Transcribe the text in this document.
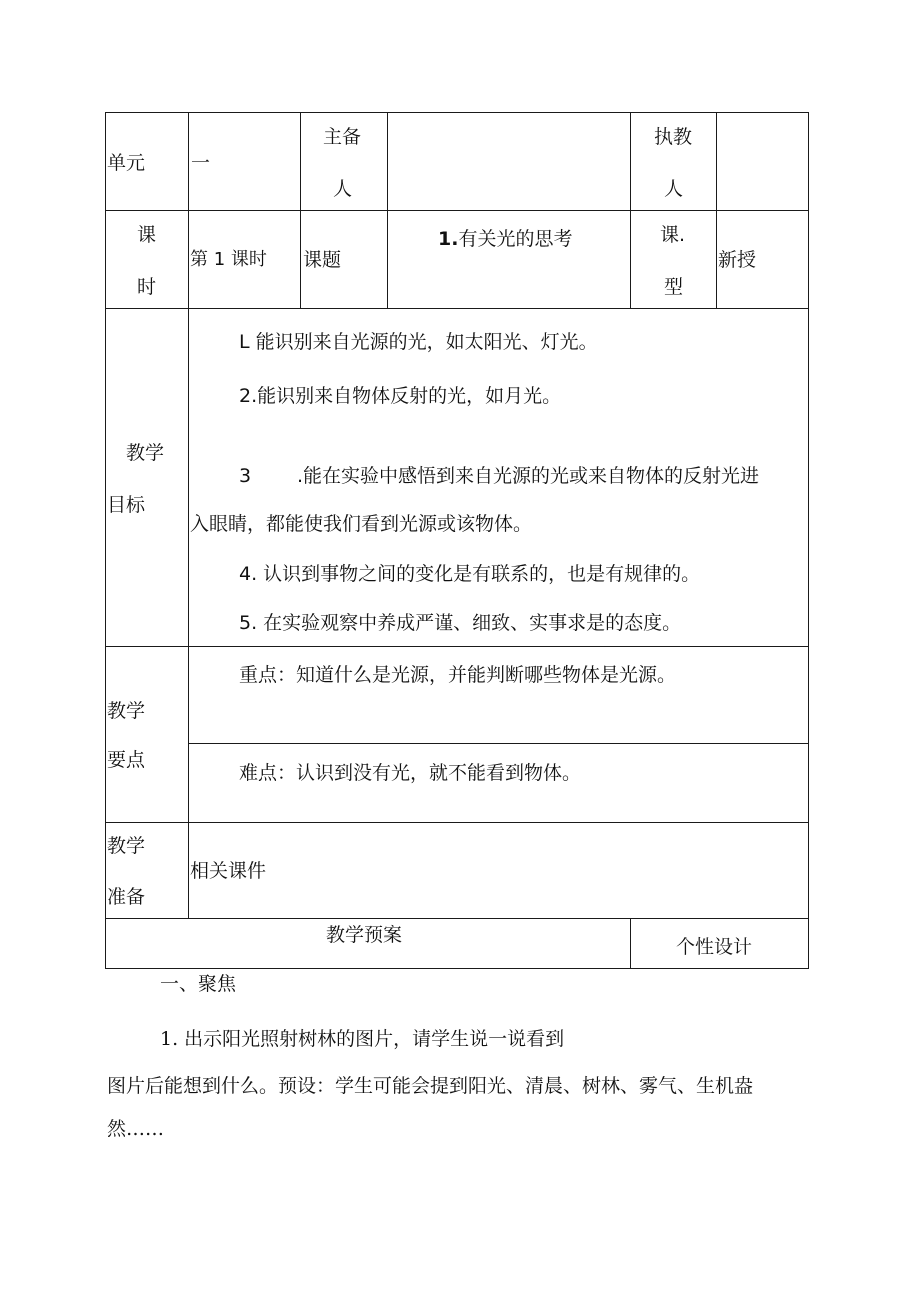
单元 一
主备
人
执教
人
课
时
第 1 课时 课题
1.有关光的思考	课.
型
新授
教学
目标
L 能识别来自光源的光，如太阳光、灯光。
2.能识别来自物体反射的光，如月光。
3 .能在实验中感悟到来自光源的光或来自物体的反射光进
入眼睛，都能使我们看到光源或该物体。
4. 认识到事物之间的变化是有联系的，也是有规律的。
5. 在实验观察中养成严谨、细致、实事求是的态度。
教学
要点
重点：知道什么是光源，并能判断哪些物体是光源。
难点：认识到没有光，就不能看到物体。
教学
准备
相关课件
教学预案
个性设计
一、聚焦
1. 出示阳光照射树林的图片，请学生说一说看到
图片后能想到什么。预设：学生可能会提到阳光、清晨、树林、雾气、生机盎
然……
